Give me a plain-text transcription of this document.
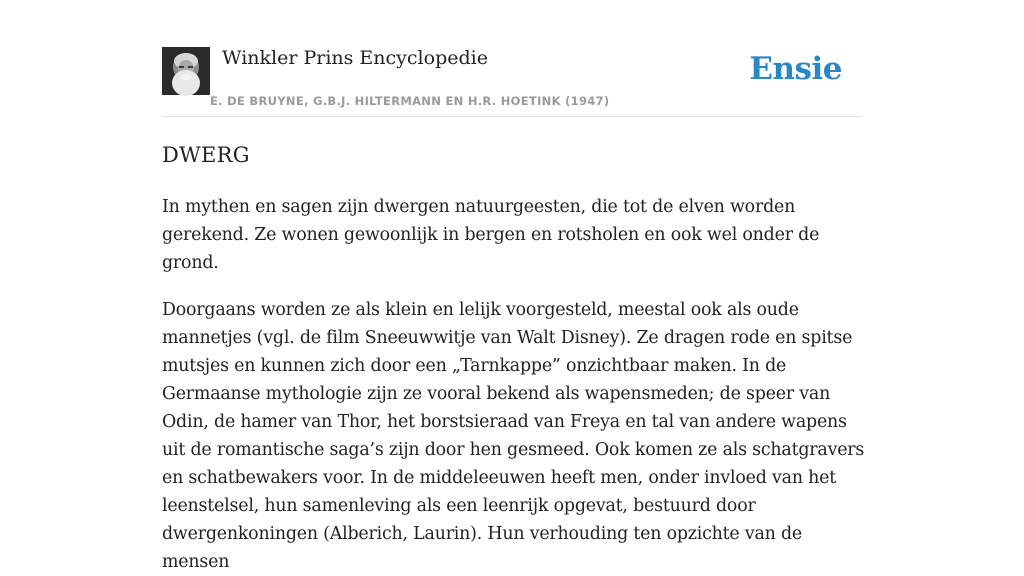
Winkler Prins Encyclopedie
E. DE BRUYNE, G.B.J. HILTERMANN EN H.R. HOETINK (1947)
Ensie
DWERG

In mythen en sagen zijn dwergen natuurgeesten, die tot de elven worden gerekend. Ze wonen gewoonlijk in bergen en rotsholen en ook wel onder de grond.

Doorgaans worden ze als klein en lelijk voorgesteld, meestal ook als oude mannetjes (vgl. de film Sneeuwwitje van Walt Disney). Ze dragen rode en spitse mutsjes en kunnen zich door een „Tarnkappe” onzichtbaar maken. In de Germaanse mythologie zijn ze vooral bekend als wapensmeden; de speer van Odin, de hamer van Thor, het borstsieraad van Freya en tal van andere wapens uit de romantische saga’s zijn door hen gesmeed. Ook komen ze als schatgravers en schatbewakers voor. In de middeleeuwen heeft men, onder invloed van het leenstelsel, hun samenleving als een leenrijk opgevat, bestuurd door dwergenkoningen (Alberich, Laurin). Hun verhouding ten opzichte van de mensen
